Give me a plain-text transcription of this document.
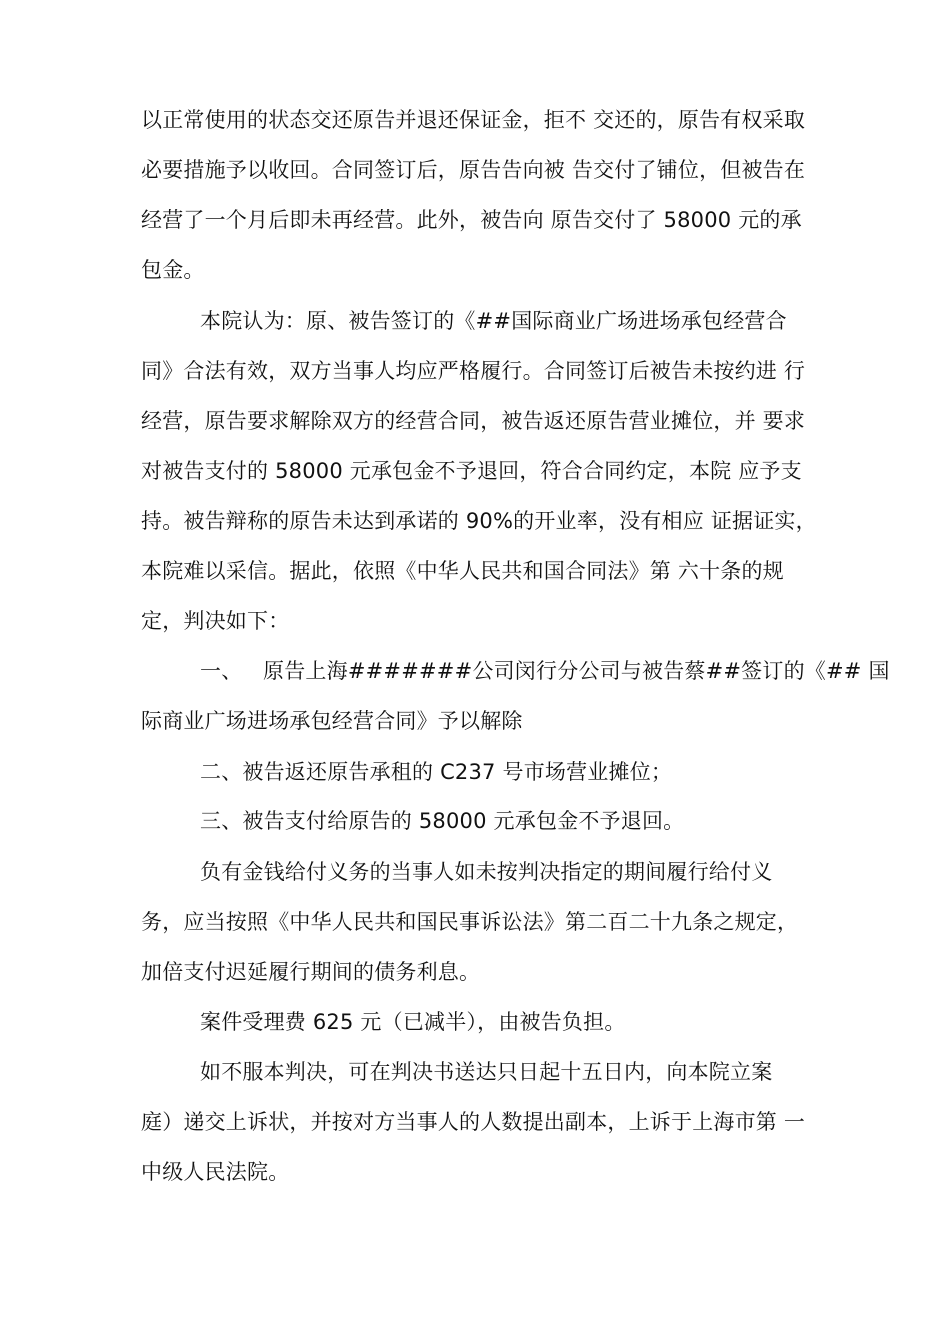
以正常使用的状态交还原告并退还保证金，拒不 交还的，原告有权采取
必要措施予以收回。合同签订后，原告告向被 告交付了铺位，但被告在
经营了一个月后即未再经营。此外，被告向 原告交付了 58000 元的承
包金。
本院认为：原、被告签订的《##国际商业广场进场承包经营合
同》合法有效，双方当事人均应严格履行。合同签订后被告未按约进 行
经营，原告要求解除双方的经营合同，被告返还原告营业摊位，并 要求
对被告支付的 58000 元承包金不予退回，符合合同约定，本院 应予支
持。被告辩称的原告未达到承诺的 90%的开业率，没有相应 证据证实，
本院难以采信。据此，依照《中华人民共和国合同法》第 六十条的规
定，判决如下：
一、   原告上海#######公司闵行分公司与被告蔡##签订的《## 国
际商业广场进场承包经营合同》予以解除
二、被告返还原告承租的 C237 号市场营业摊位；
三、被告支付给原告的 58000 元承包金不予退回。
负有金钱给付义务的当事人如未按判决指定的期间履行给付义
务，应当按照《中华人民共和国民事诉讼法》第二百二十九条之规定，
加倍支付迟延履行期间的债务利息。
案件受理费 625 元（已减半），由被告负担。
如不服本判决，可在判决书送达只日起十五日内，向本院立案
庭）递交上诉状，并按对方当事人的人数提出副本，上诉于上海市第 一
中级人民法院。
